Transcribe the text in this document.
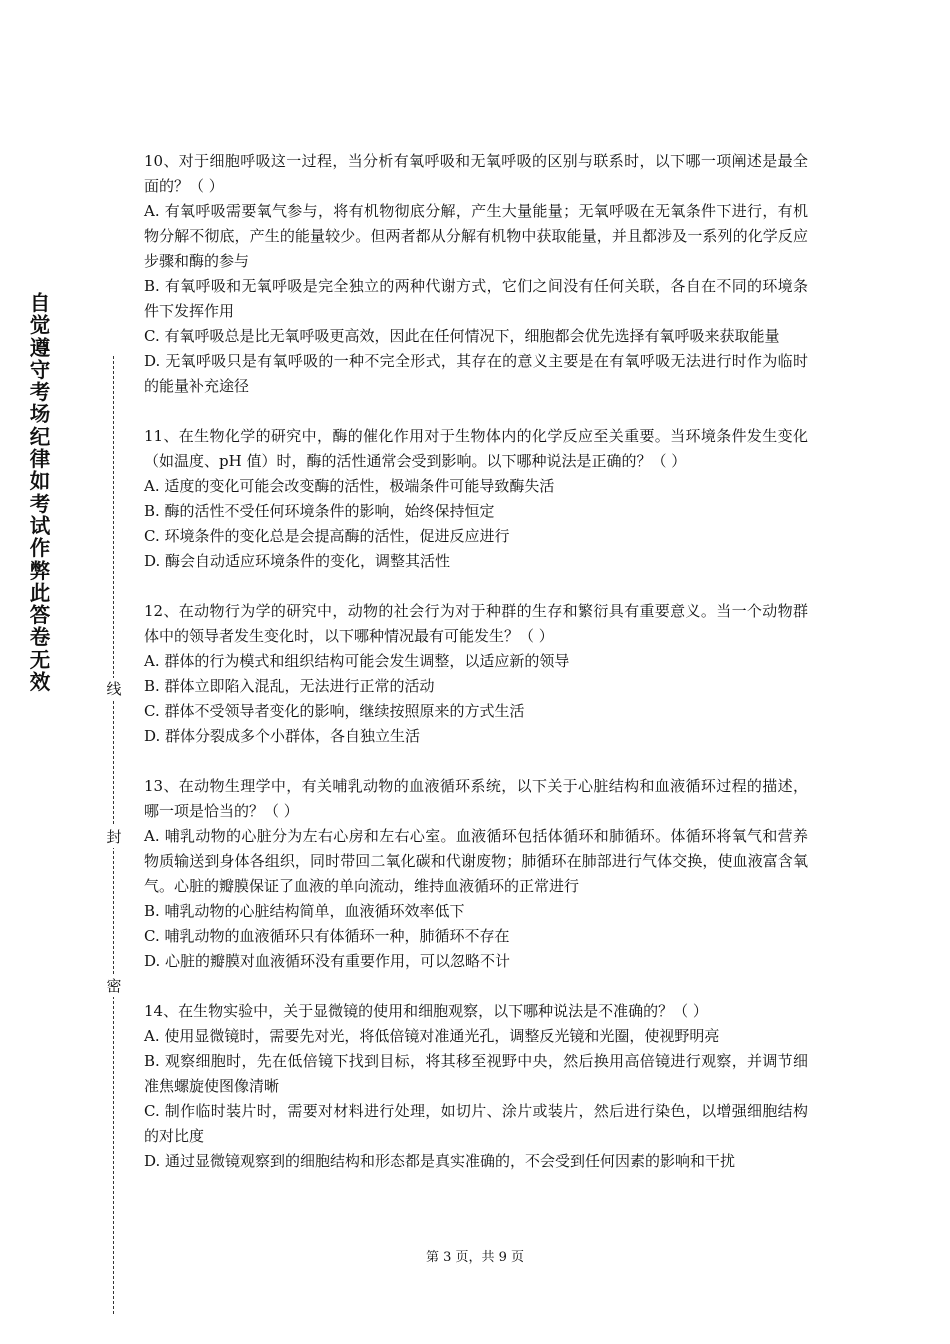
自觉遵守考场纪律如考试作弊此答卷无效	线
封
密

10、对于细胞呼吸这一过程，当分析有氧呼吸和无氧呼吸的区别与联系时，以下哪一项阐述是最全面的？（ ）

A. 有氧呼吸需要氧气参与，将有机物彻底分解，产生大量能量；无氧呼吸在无氧条件下进行，有机物分解不彻底，产生的能量较少。但两者都从分解有机物中获取能量，并且都涉及一系列的化学反应步骤和酶的参与

B. 有氧呼吸和无氧呼吸是完全独立的两种代谢方式，它们之间没有任何关联，各自在不同的环境条件下发挥作用

C. 有氧呼吸总是比无氧呼吸更高效，因此在任何情况下，细胞都会优先选择有氧呼吸来获取能量

D. 无氧呼吸只是有氧呼吸的一种不完全形式，其存在的意义主要是在有氧呼吸无法进行时作为临时的能量补充途径

11、在生物化学的研究中，酶的催化作用对于生物体内的化学反应至关重要。当环境条件发生变化（如温度、pH 值）时，酶的活性通常会受到影响。以下哪种说法是正确的？（ ）

A. 适度的变化可能会改变酶的活性，极端条件可能导致酶失活

B. 酶的活性不受任何环境条件的影响，始终保持恒定

C. 环境条件的变化总是会提高酶的活性，促进反应进行

D. 酶会自动适应环境条件的变化，调整其活性

12、在动物行为学的研究中，动物的社会行为对于种群的生存和繁衍具有重要意义。当一个动物群体中的领导者发生变化时，以下哪种情况最有可能发生？（ ）

A. 群体的行为模式和组织结构可能会发生调整，以适应新的领导

B. 群体立即陷入混乱，无法进行正常的活动

C. 群体不受领导者变化的影响，继续按照原来的方式生活

D. 群体分裂成多个小群体，各自独立生活

13、在动物生理学中，有关哺乳动物的血液循环系统，以下关于心脏结构和血液循环过程的描述，哪一项是恰当的？（ ）

A. 哺乳动物的心脏分为左右心房和左右心室。血液循环包括体循环和肺循环。体循环将氧气和营养物质输送到身体各组织，同时带回二氧化碳和代谢废物；肺循环在肺部进行气体交换，使血液富含氧气。心脏的瓣膜保证了血液的单向流动，维持血液循环的正常进行

B. 哺乳动物的心脏结构简单，血液循环效率低下

C. 哺乳动物的血液循环只有体循环一种，肺循环不存在

D. 心脏的瓣膜对血液循环没有重要作用，可以忽略不计

14、在生物实验中，关于显微镜的使用和细胞观察，以下哪种说法是不准确的？（ ）

A. 使用显微镜时，需要先对光，将低倍镜对准通光孔，调整反光镜和光圈，使视野明亮

B. 观察细胞时，先在低倍镜下找到目标，将其移至视野中央，然后换用高倍镜进行观察，并调节细准焦螺旋使图像清晰

C. 制作临时装片时，需要对材料进行处理，如切片、涂片或装片，然后进行染色，以增强细胞结构的对比度

D. 通过显微镜观察到的细胞结构和形态都是真实准确的，不会受到任何因素的影响和干扰

第 3 页，共 9 页
